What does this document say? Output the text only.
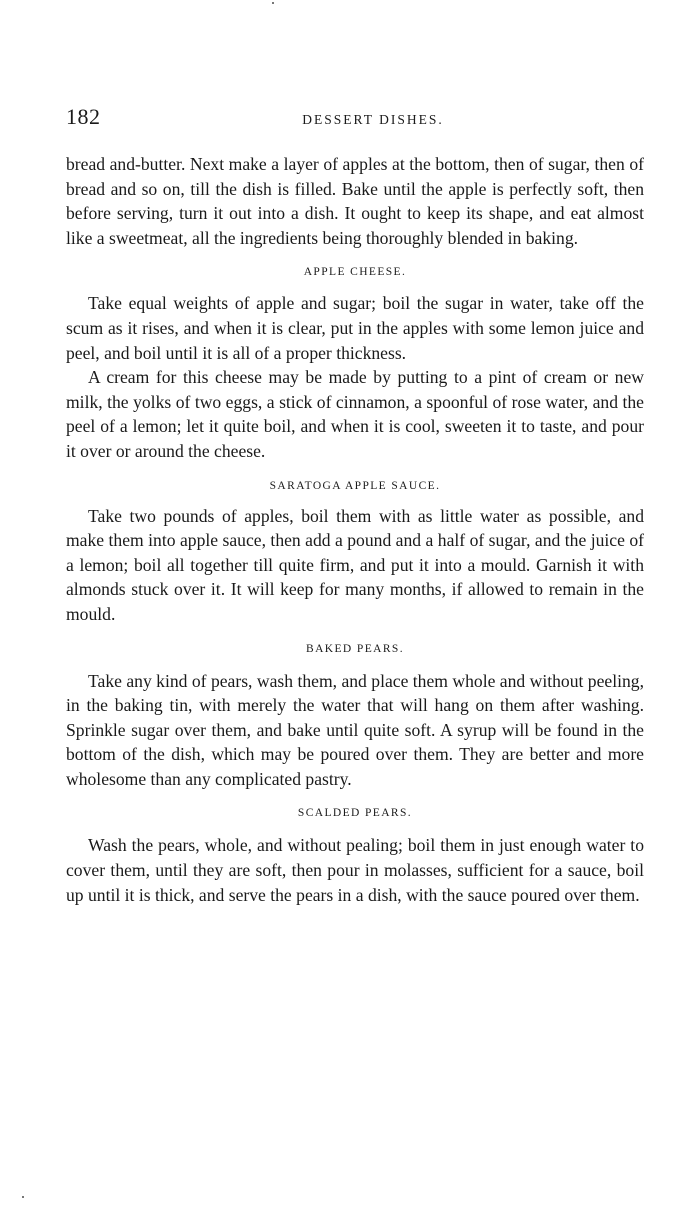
182	DESSERT DISHES.

bread and-butter. Next make a layer of apples at the bottom, then of sugar, then of bread and so on, till the dish is filled. Bake until the apple is perfectly soft, then before serving, turn it out into a dish. It ought to keep its shape, and eat almost like a sweetmeat, all the ingredients being thoroughly blended in baking.

APPLE CHEESE.

Take equal weights of apple and sugar; boil the sugar in water, take off the scum as it rises, and when it is clear, put in the apples with some lemon juice and peel, and boil until it is all of a proper thickness.

A cream for this cheese may be made by putting to a pint of cream or new milk, the yolks of two eggs, a stick of cinnamon, a spoonful of rose water, and the peel of a lemon; let it quite boil, and when it is cool, sweeten it to taste, and pour it over or around the cheese.

SARATOGA APPLE SAUCE.

Take two pounds of apples, boil them with as little water as possible, and make them into apple sauce, then add a pound and a half of sugar, and the juice of a lemon; boil all together till quite firm, and put it into a mould. Garnish it with almonds stuck over it. It will keep for many months, if allowed to remain in the mould.

BAKED PEARS.

Take any kind of pears, wash them, and place them whole and without peeling, in the baking tin, with merely the water that will hang on them after washing. Sprinkle sugar over them, and bake until quite soft. A syrup will be found in the bottom of the dish, which may be poured over them. They are better and more wholesome than any complicated pastry.

SCALDED PEARS.

Wash the pears, whole, and without pealing; boil them in just enough water to cover them, until they are soft, then pour in molasses, sufficient for a sauce, boil up until it is thick, and serve the pears in a dish, with the sauce poured over them.
